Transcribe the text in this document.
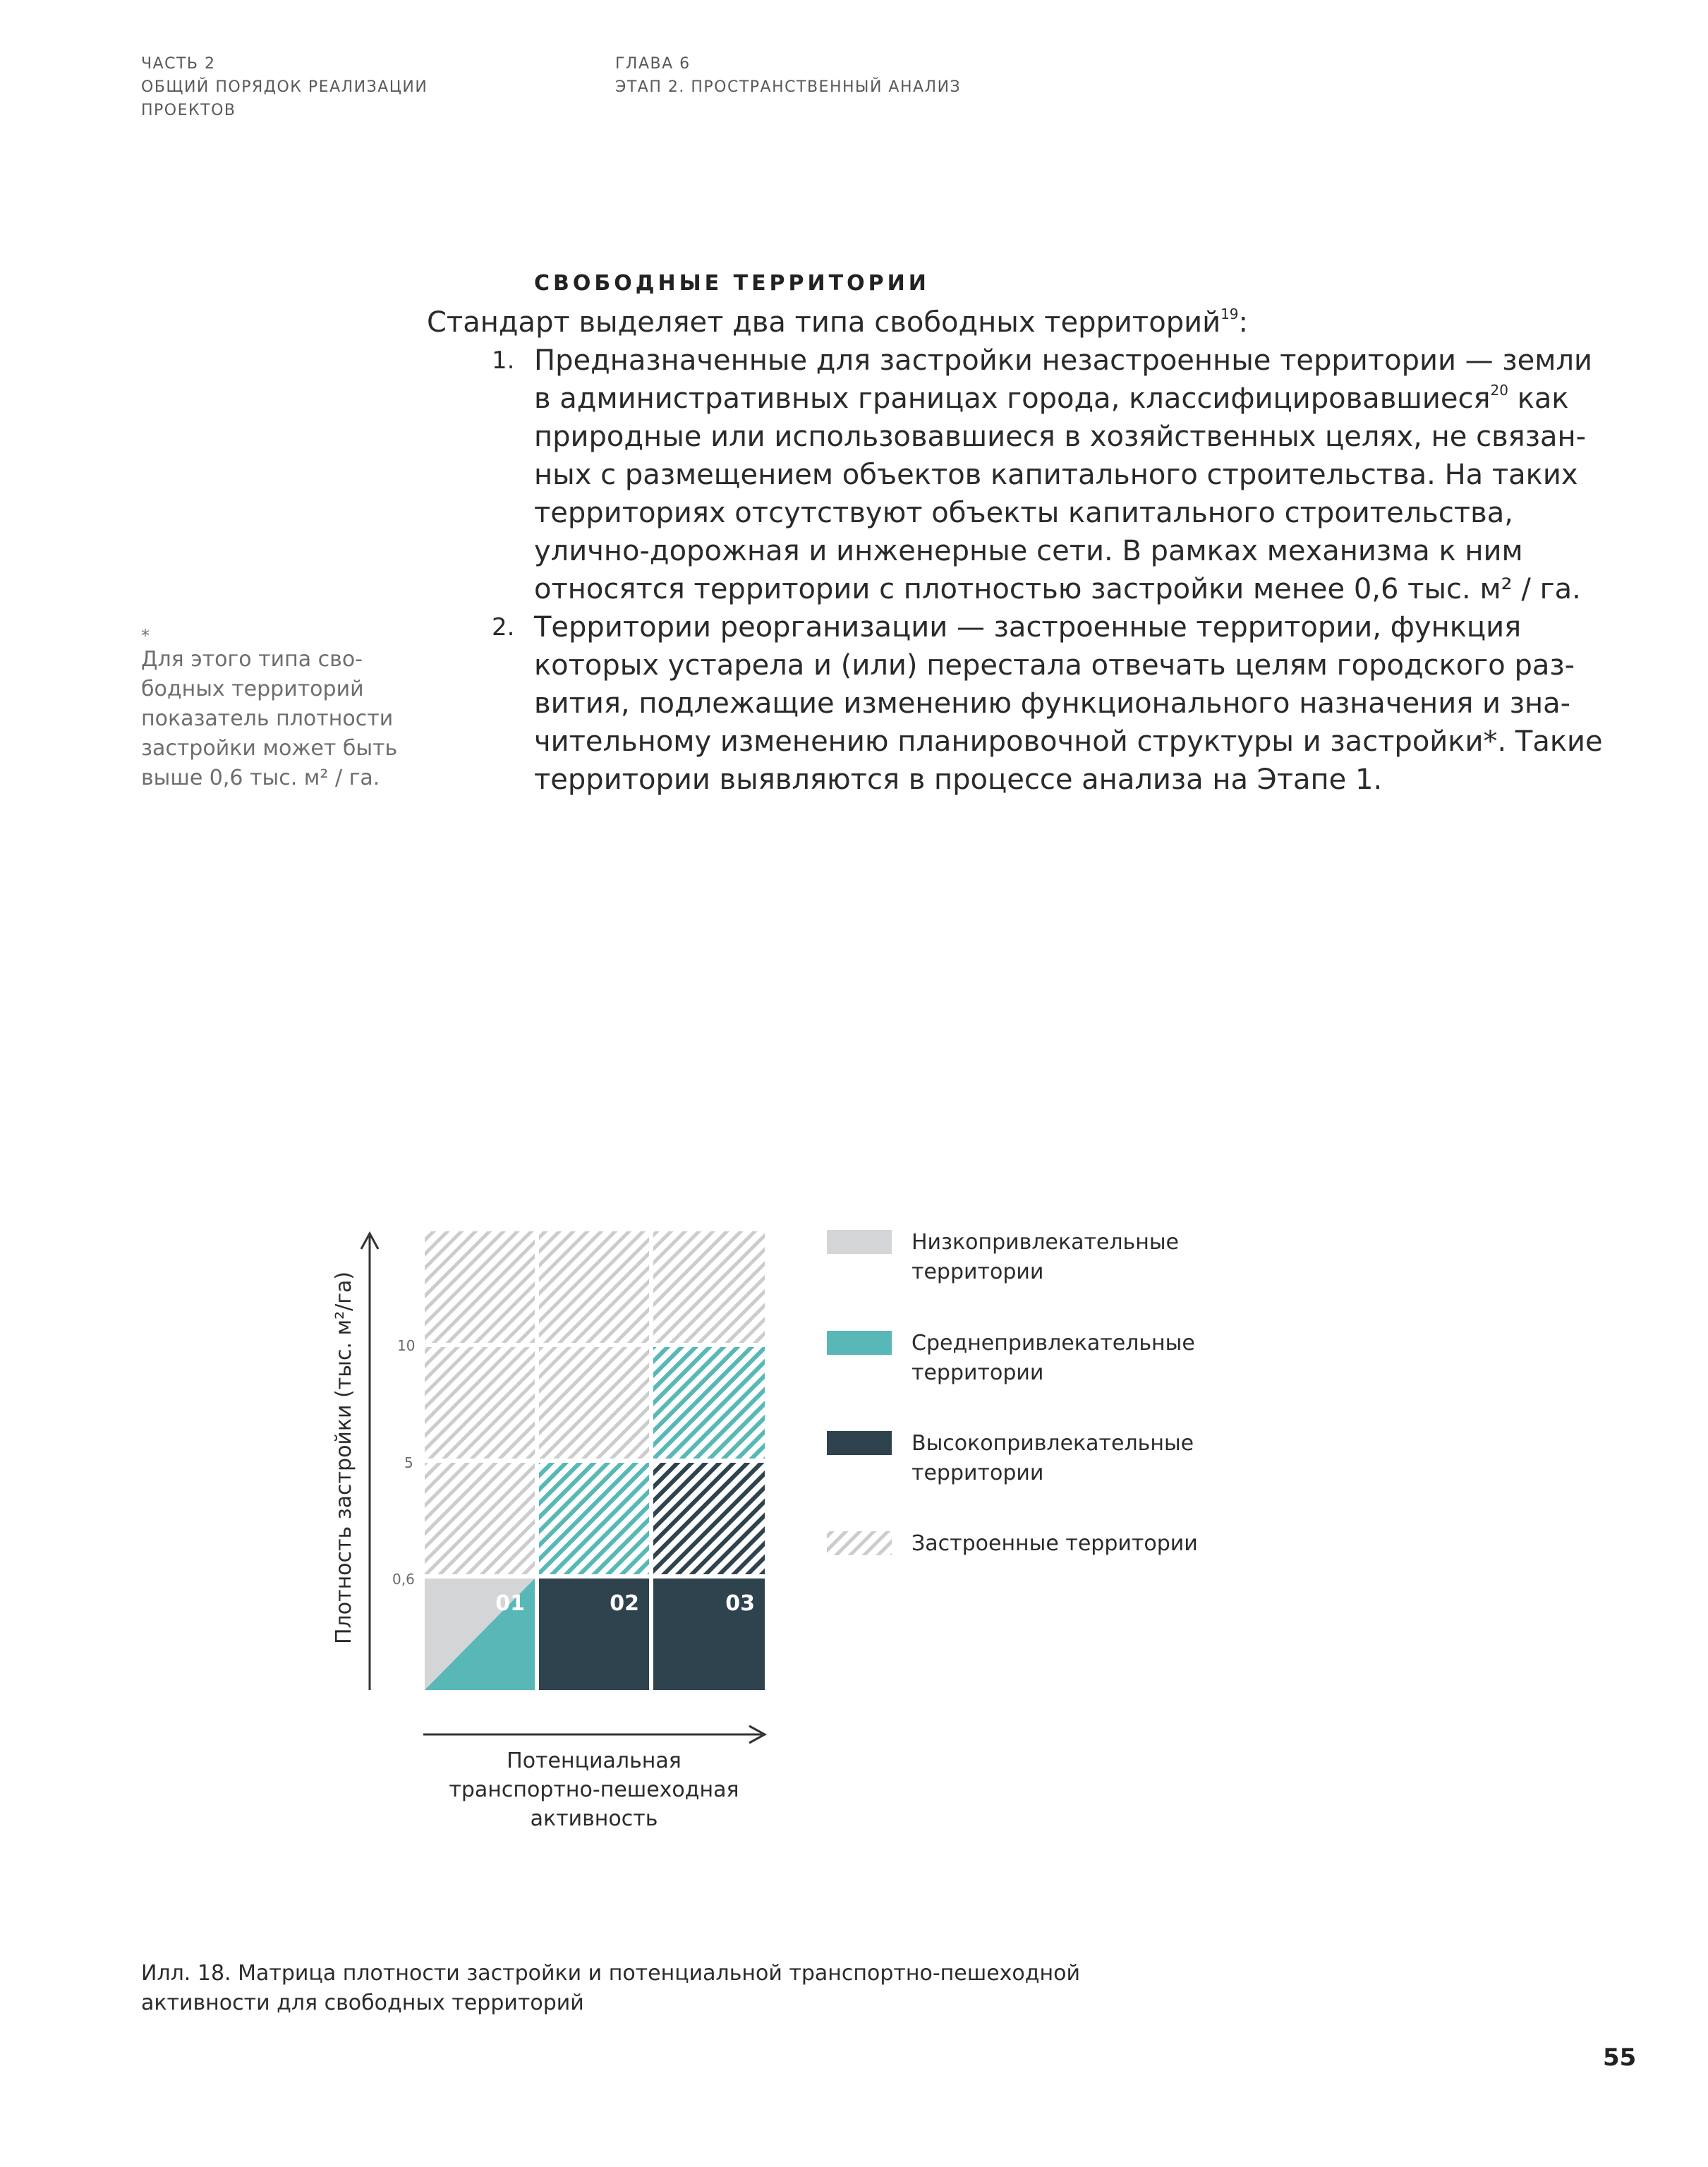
ЧАСТЬ 2
ОБЩИЙ ПОРЯДОК РЕАЛИЗАЦИИ
ПРОЕКТОВ
ГЛАВА 6
ЭТАП 2. ПРОСТРАНСТВЕННЫЙ АНАЛИЗ
СВОБОДНЫЕ ТЕРРИТОРИИ
Стандарт выделяет два типа свободных территорий$^{19}$:
1. Предназначенные для застройки незастроенные территории — земли
в административных границах города, классифицировавшиеся$^{20}$ как
природные или использовавшиеся в хозяйственных целях, не связан-
ных с размещением объектов капитального строительства. На таких
территориях отсутствуют объекты капитального строительства,
улично-дорожная и инженерные сети. В рамках механизма к ним
относятся территории с плотностью застройки менее 0,6 тыс. м² / га.
2. Территории реорганизации — застроенные территории, функция
которых устарела и (или) перестала отвечать целям городского раз-
вития, подлежащие изменению функционального назначения и зна-
чительному изменению планировочной структуры и застройки*. Такие
территории выявляются в процессе анализа на Этапе 1.
*
Для этого типа сво-
бодных территорий
показатель плотности
застройки может быть
выше 0,6 тыс. м² / га.
10
5
0,6
Плотность застройки (тыс. м²/га)
Потенциальная
транспортно-пешеходная
активность
01	02	03
Низкопривлекательные
территории
Среднепривлекательные
территории
Высокопривлекательные
территории
Застроенные территории
Илл. 18. Матрица плотности застройки и потенциальной транспортно-пешеходной
активности для свободных территорий
55
